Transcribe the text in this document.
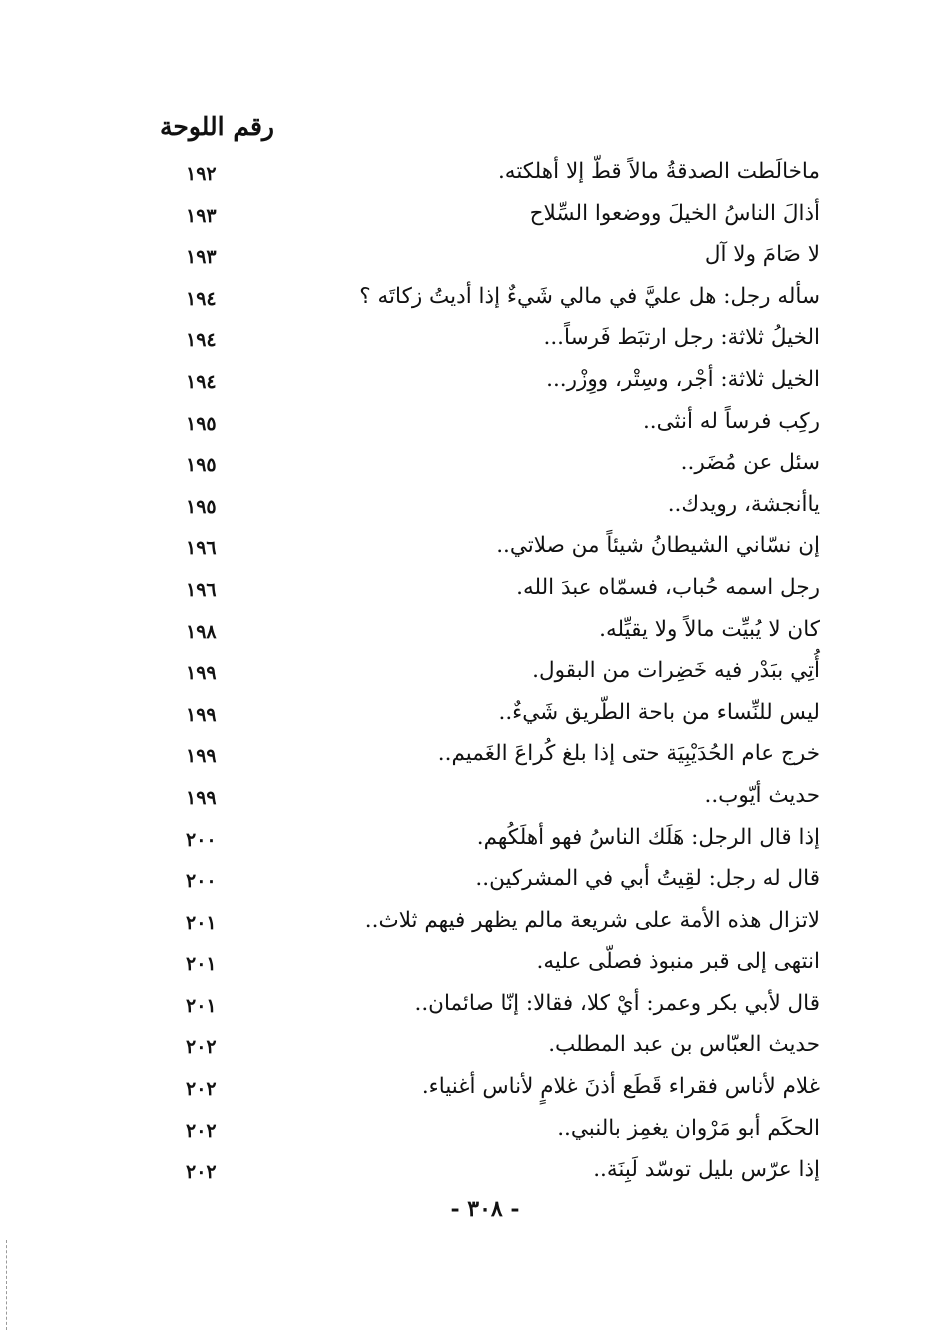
رقم اللوحة
ماخالَطت الصدقةُ مالاً قطّ إلا أهلكته.
١٩٢
أذالَ الناسُ الخيلَ ووضعوا السِّلاح
١٩٣
لا صَامَ ولا آل
١٩٣
سأله رجل: هل عليَّ في مالي شَيءٌ إذا أديتُ زكاتَه ؟
١٩٤
الخيلُ ثلاثة: رجل ارتبَط فَرساً...
١٩٤
الخيل ثلاثة: أجْر، وسِتْر، ووِزْر...
١٩٤
ركِب فرساً له أنثى..
١٩٥
سئل عن مُضَر..
١٩٥
ياأنجشة، رويدك..
١٩٥
إن نسّاني الشيطانُ شيئاً من صلاتي..
١٩٦
رجل اسمه حُباب، فسمّاه عبدَ الله.
١٩٦
كان لا يُبيِّت مالاً ولا يقيِّله.
١٩٨
أُتِي ببَدْر فيه خَضِرات من البقول.
١٩٩
ليس للنِّساء من باحة الطّريق شَيءٌ..
١٩٩
خرج عام الحُدَيْبِيَة حتى إذا بلغ كُراعَ الغَميم..
١٩٩
حديث أيّوب..
١٩٩
إذا قال الرجل: هَلَك الناسُ فهو أهلَكُهم.
٢٠٠
قال له رجل: لقِيتُ أبي في المشركين..
٢٠٠
لاتزال هذه الأمة على شريعة مالم يظهر فيهم ثلاث..
٢٠١
انتهى إلى قبر منبوذ فصلّى عليه.
٢٠١
قال لأبي بكر وعمر: أيْ كلا، فقالا: إنّا صائمان..
٢٠١
حديث العبّاس بن عبد المطلب.
٢٠٢
غلام لأناس فقراء قَطَع أذنَ غلامٍ لأناس أغنياء.
٢٠٢
الحكَم أبو مَرْوان يغمِز بالنبي..
٢٠٢
إذا عرّس بليل توسّد لَبِنَة..
٢٠٢
- ٣٠٨ -
